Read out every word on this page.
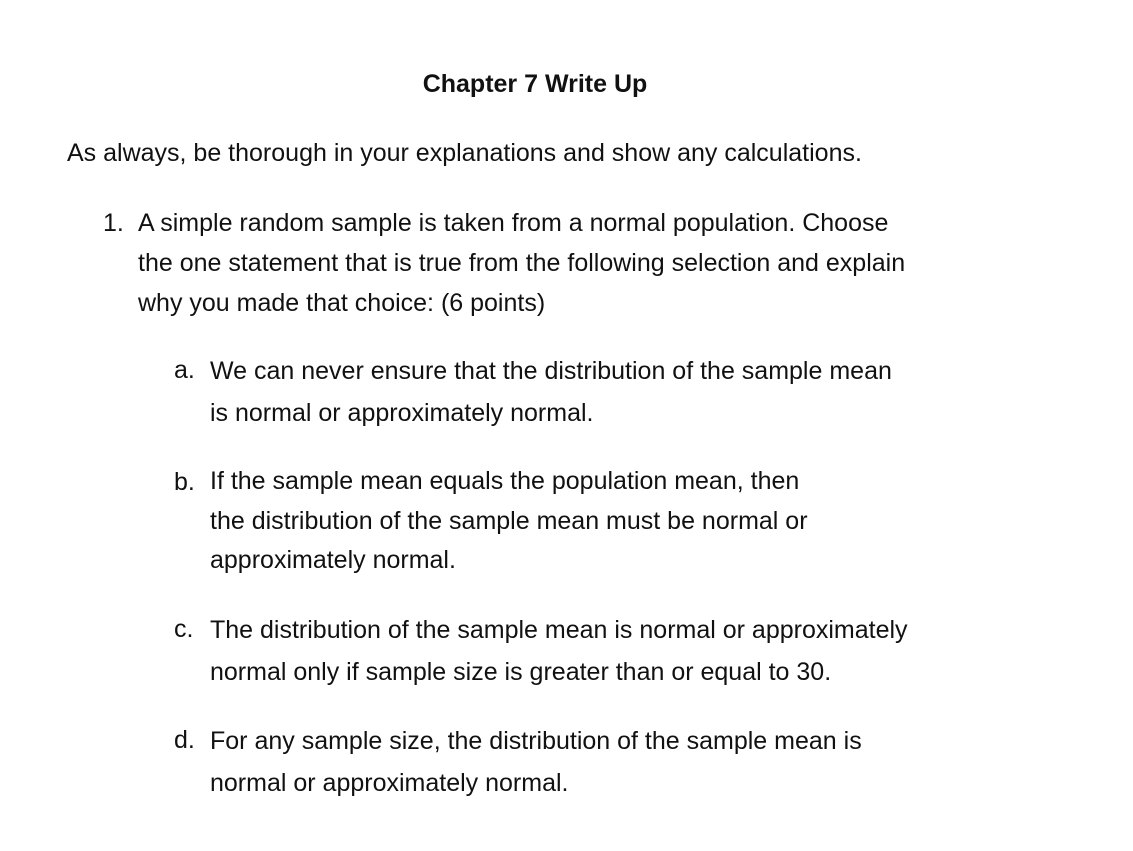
Chapter 7 Write Up

As always, be thorough in your explanations and show any calculations.

1. A simple random sample is taken from a normal population. Choose
the one statement that is true from the following selection and explain
why you made that choice: (6 points)
a. We can never ensure that the distribution of the sample mean
is normal or approximately normal.
b. If the sample mean equals the population mean, then
the distribution of the sample mean must be normal or
approximately normal.
c. The distribution of the sample mean is normal or approximately
normal only if sample size is greater than or equal to 30.
d. For any sample size, the distribution of the sample mean is
normal or approximately normal.
